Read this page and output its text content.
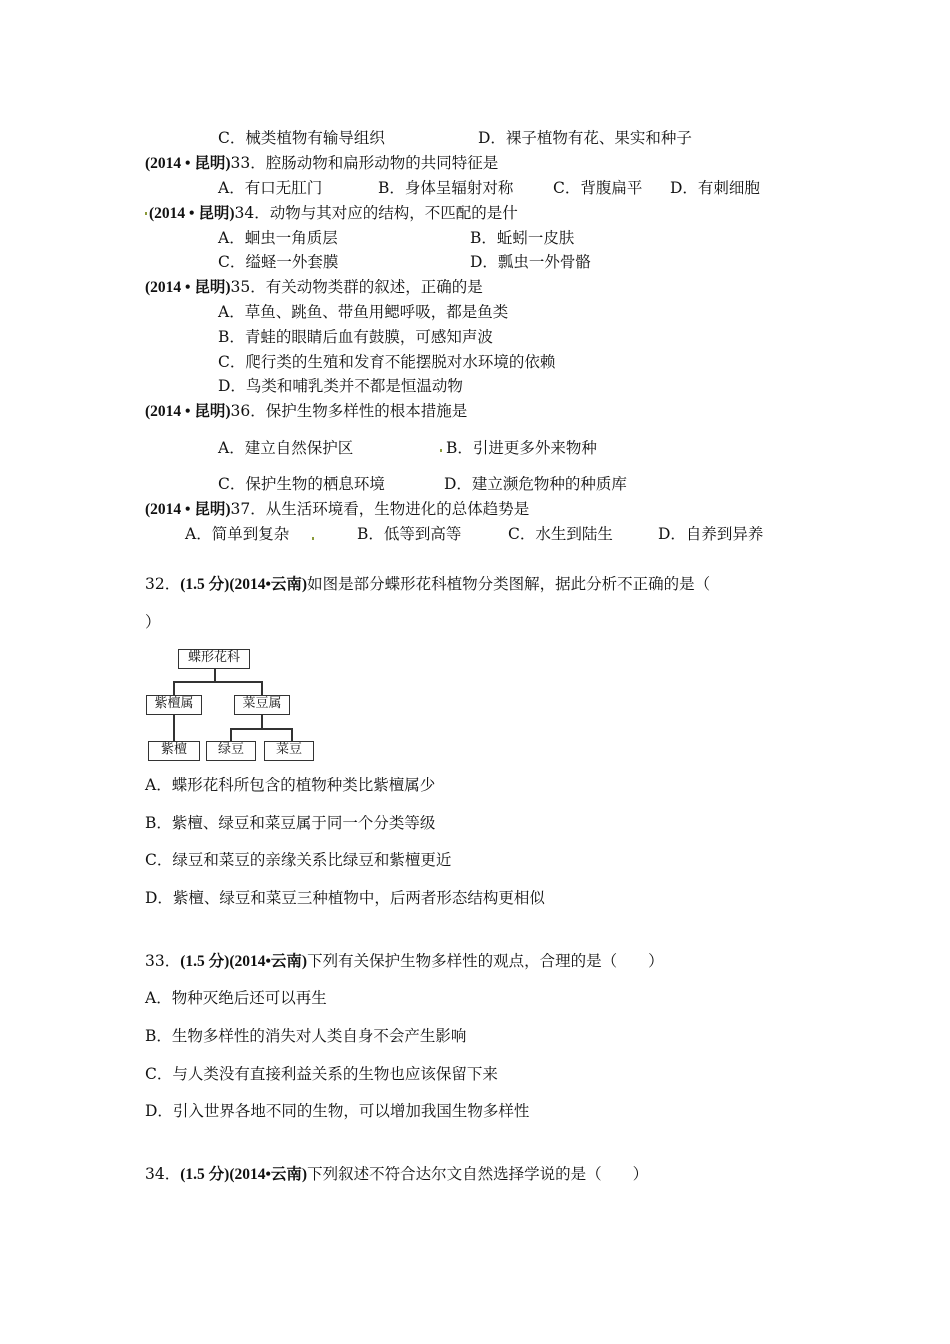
C．械类植物有输导组织	D．裸子植物有花、果实和种子
(2014 • 昆明)33．腔肠动物和扁形动物的共同特征是
A．有口无肛门	B．身体呈辐射对称	C．背腹扁平 D．有刺细胞
(2014 • 昆明)34．动物与其对应的结构，不匹配的是什
A．蛔虫一角质层	B．蚯蚓一皮肤
C．缢蛏一外套膜	D．瓢虫一外骨骼
(2014 • 昆明)35．有关动物类群的叙述，正确的是
A．草鱼、跳鱼、带鱼用鳃呼吸，都是鱼类
B．青蛙的眼睛后血有鼓膜，可感知声波
C．爬行类的生殖和发育不能摆脱对水环境的依赖
D．鸟类和哺乳类并不都是恒温动物
(2014 • 昆明)36．保护生物多样性的根本措施是
A．建立自然保护区	B．引进更多外来物种
C．保护生物的栖息环境	D．建立濒危物种的种质库
(2014 • 昆明)37．从生活环境看，生物进化的总体趋势是
A．简单到复杂	B．低等到高等	C．水生到陆生	D．自养到异养
32．(1.5 分)(2014•云南)如图是部分蝶形花科植物分类图解，据此分析不正确的是（
）
蝶形花科
紫檀属	菜豆属
紫檀	绿豆	菜豆
A．蝶形花科所包含的植物种类比紫檀属少
B．紫檀、绿豆和菜豆属于同一个分类等级
C．绿豆和菜豆的亲缘关系比绿豆和紫檀更近
D．紫檀、绿豆和菜豆三种植物中，后两者形态结构更相似
33．(1.5 分)(2014•云南)下列有关保护生物多样性的观点，合理的是（　　）
A．物种灭绝后还可以再生
B．生物多样性的消失对人类自身不会产生影响
C．与人类没有直接利益关系的生物也应该保留下来
D．引入世界各地不同的生物，可以增加我国生物多样性
34．(1.5 分)(2014•云南)下列叙述不符合达尔文自然选择学说的是（　　）
